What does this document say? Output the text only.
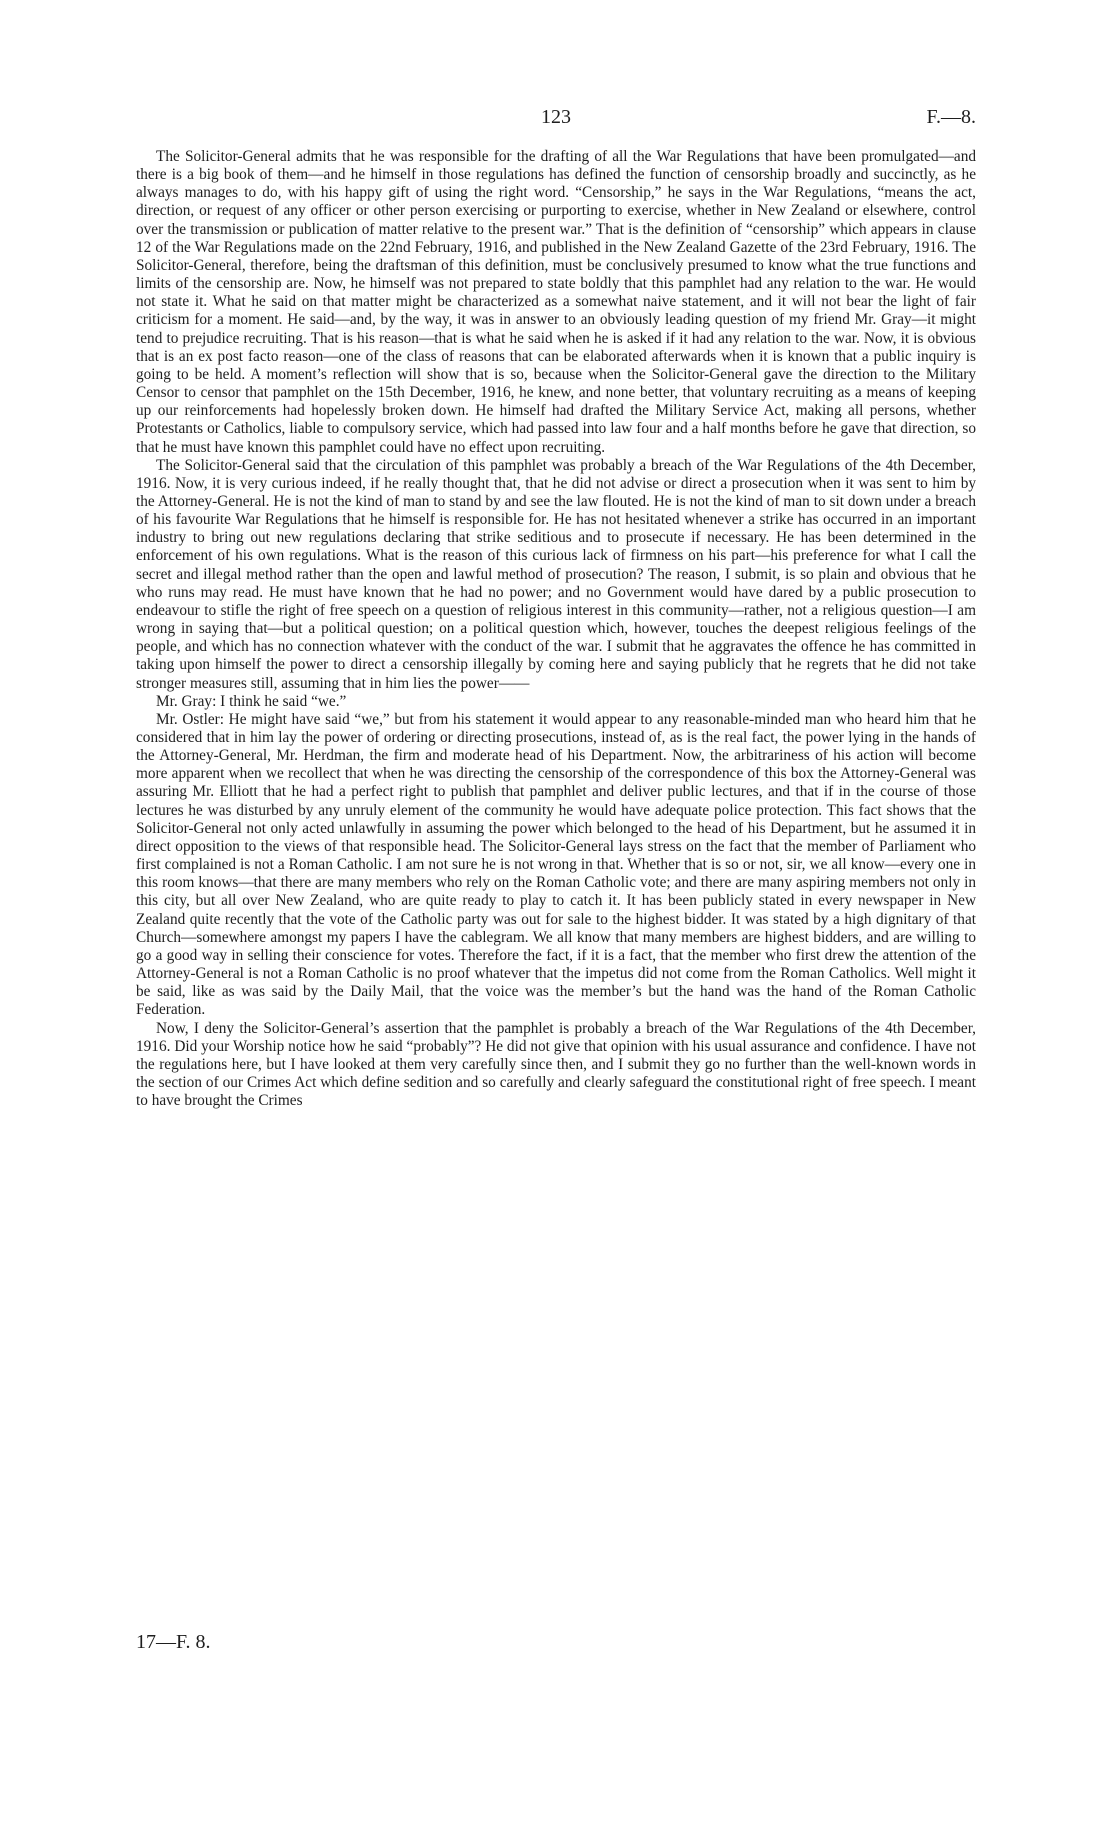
123	F.—8.

The Solicitor-General admits that he was responsible for the drafting of all the War Regulations that have been promulgated—and there is a big book of them—and he himself in those regulations has defined the function of censorship broadly and succinctly, as he always manages to do, with his happy gift of using the right word. “Censorship,” he says in the War Regulations, “means the act, direction, or request of any officer or other person exercising or purporting to exercise, whether in New Zealand or elsewhere, control over the transmission or publication of matter relative to the present war.” That is the definition of “censorship” which appears in clause 12 of the War Regulations made on the 22nd February, 1916, and published in the New Zealand Gazette of the 23rd February, 1916. The Solicitor-General, therefore, being the draftsman of this definition, must be conclusively presumed to know what the true functions and limits of the censorship are. Now, he himself was not prepared to state boldly that this pamphlet had any relation to the war. He would not state it. What he said on that matter might be characterized as a somewhat naive statement, and it will not bear the light of fair criticism for a moment. He said—and, by the way, it was in answer to an obviously leading question of my friend Mr. Gray—it might tend to prejudice recruiting. That is his reason—that is what he said when he is asked if it had any relation to the war. Now, it is obvious that is an ex post facto reason—one of the class of reasons that can be elaborated afterwards when it is known that a public inquiry is going to be held. A moment’s reflection will show that is so, because when the Solicitor-General gave the direction to the Military Censor to censor that pamphlet on the 15th December, 1916, he knew, and none better, that voluntary recruiting as a means of keeping up our reinforcements had hopelessly broken down. He himself had drafted the Military Service Act, making all persons, whether Protestants or Catholics, liable to compulsory service, which had passed into law four and a half months before he gave that direction, so that he must have known this pamphlet could have no effect upon recruiting.

The Solicitor-General said that the circulation of this pamphlet was probably a breach of the War Regulations of the 4th December, 1916. Now, it is very curious indeed, if he really thought that, that he did not advise or direct a prosecution when it was sent to him by the Attorney-General. He is not the kind of man to stand by and see the law flouted. He is not the kind of man to sit down under a breach of his favourite War Regulations that he himself is responsible for. He has not hesitated whenever a strike has occurred in an important industry to bring out new regulations declaring that strike seditious and to prosecute if necessary. He has been determined in the enforcement of his own regulations. What is the reason of this curious lack of firmness on his part—his preference for what I call the secret and illegal method rather than the open and lawful method of prosecution? The reason, I submit, is so plain and obvious that he who runs may read. He must have known that he had no power; and no Government would have dared by a public prosecution to endeavour to stifle the right of free speech on a question of religious interest in this community—rather, not a religious question—I am wrong in saying that—but a political question; on a political question which, however, touches the deepest religious feelings of the people, and which has no connection whatever with the conduct of the war. I submit that he aggravates the offence he has committed in taking upon himself the power to direct a censorship illegally by coming here and saying publicly that he regrets that he did not take stronger measures still, assuming that in him lies the power——

Mr. Gray: I think he said “we.”

Mr. Ostler: He might have said “we,” but from his statement it would appear to any reasonable-minded man who heard him that he considered that in him lay the power of ordering or directing prosecutions, instead of, as is the real fact, the power lying in the hands of the Attorney-General, Mr. Herdman, the firm and moderate head of his Department. Now, the arbitrariness of his action will become more apparent when we recollect that when he was directing the censorship of the correspondence of this box the Attorney-General was assuring Mr. Elliott that he had a perfect right to publish that pamphlet and deliver public lectures, and that if in the course of those lectures he was disturbed by any unruly element of the community he would have adequate police protection. This fact shows that the Solicitor-General not only acted unlawfully in assuming the power which belonged to the head of his Department, but he assumed it in direct opposition to the views of that responsible head. The Solicitor-General lays stress on the fact that the member of Parliament who first complained is not a Roman Catholic. I am not sure he is not wrong in that. Whether that is so or not, sir, we all know—every one in this room knows—that there are many members who rely on the Roman Catholic vote; and there are many aspiring members not only in this city, but all over New Zealand, who are quite ready to play to catch it. It has been publicly stated in every newspaper in New Zealand quite recently that the vote of the Catholic party was out for sale to the highest bidder. It was stated by a high dignitary of that Church—somewhere amongst my papers I have the cablegram. We all know that many members are highest bidders, and are willing to go a good way in selling their conscience for votes. Therefore the fact, if it is a fact, that the member who first drew the attention of the Attorney-General is not a Roman Catholic is no proof whatever that the impetus did not come from the Roman Catholics. Well might it be said, like as was said by the Daily Mail, that the voice was the member’s but the hand was the hand of the Roman Catholic Federation.

Now, I deny the Solicitor-General’s assertion that the pamphlet is probably a breach of the War Regulations of the 4th December, 1916. Did your Worship notice how he said “probably”? He did not give that opinion with his usual assurance and confidence. I have not the regulations here, but I have looked at them very carefully since then, and I submit they go no further than the well-known words in the section of our Crimes Act which define sedition and so carefully and clearly safeguard the constitutional right of free speech. I meant to have brought the Crimes

17—F. 8.
